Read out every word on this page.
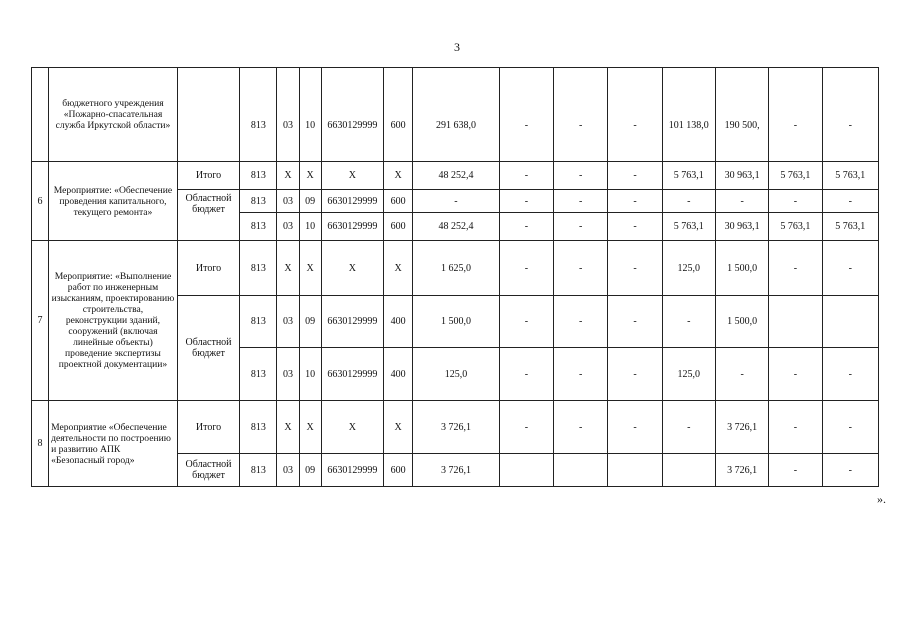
3
	бюджетного учреждения «Пожарно-спасательная служба Иркутской области»		813	03	10	6630129999	600	291 638,0	-	-	-	101 138,0	190 500,	-	-
6	Мероприятие: «Обеспечение проведения капитального, текущего ремонта»	Итого	813	Х	Х	Х	Х	48 252,4	-	-	-	5 763,1	30 963,1	5 763,1	5 763,1
		Областной бюджет	813	03	09	6630129999	600	-	-	-	-	-	-	-	-
			813	03	10	6630129999	600	48 252,4	-	-	-	5 763,1	30 963,1	5 763,1	5 763,1
7	Мероприятие: «Выполнение работ по инженерным изысканиям, проектированию строительства, реконструкции зданий, сооружений (включая линейные объекты) проведение экспертизы проектной документации»	Итого	813	Х	Х	Х	Х	1 625,0	-	-	-	125,0	1 500,0	-	-
		Областной бюджет	813	03	09	6630129999	400	1 500,0	-	-	-	-	1 500,0		
			813	03	10	6630129999	400	125,0	-	-	-	125,0	-	-	-
8	Мероприятие «Обеспечение деятельности по построению и развитию АПК «Безопасный город»	Итого	813	Х	Х	Х	Х	3 726,1	-	-	-	-	3 726,1	-	-
		Областной бюджет	813	03	09	6630129999	600	3 726,1					3 726,1	-	-
».
